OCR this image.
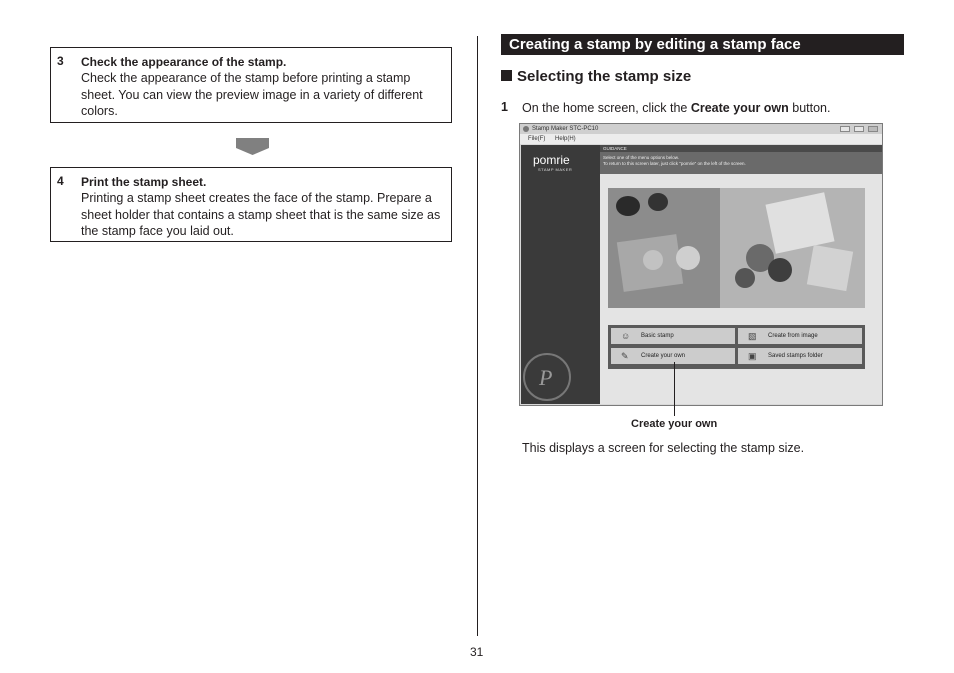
3 Check the appearance of the stamp.
Check the appearance of the stamp before printing a stamp sheet. You can view the preview image in a variety of different colors.
4 Print the stamp sheet.
Printing a stamp sheet creates the face of the stamp. Prepare a sheet holder that contains a stamp sheet that is the same size as the stamp face you laid out.
31
Creating a stamp by editing a stamp face
Selecting the stamp size
1 On the home screen, click the Create your own button.
Stamp Maker STC-PC10
File(F) Help(H)
pomrie
STAMP MAKER
P
GUIDANCE
Select one of the menu options below.
To return to this screen later, just click "pomrie" on the left of the screen.
☺ Basic stamp	▧ Create from image
✎ Create your own	▣ Saved stamps folder
Create your own
This displays a screen for selecting the stamp size.
